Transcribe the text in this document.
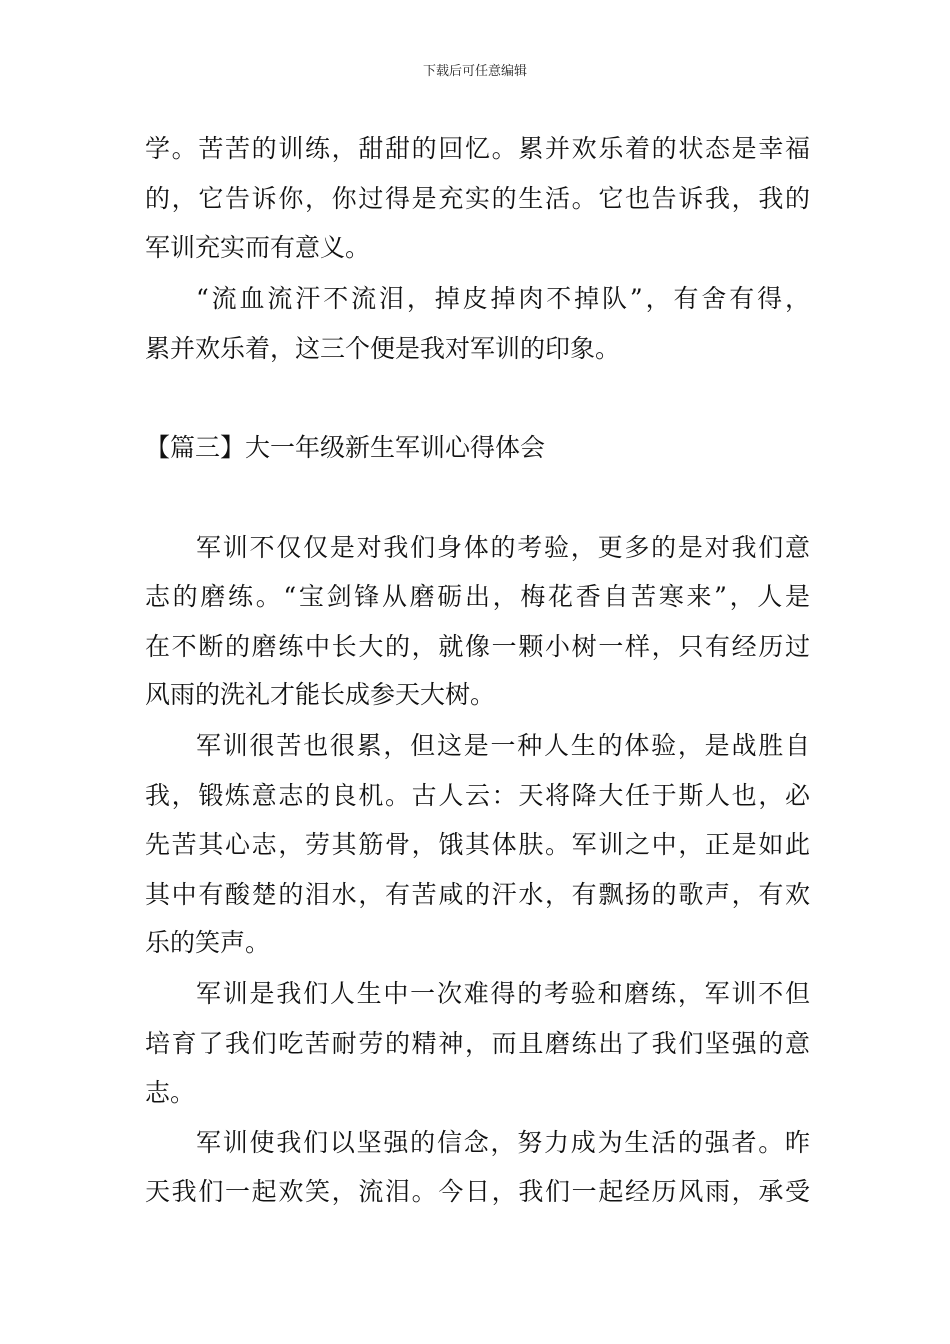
下载后可任意编辑
学。苦苦的训练，甜甜的回忆。累并欢乐着的状态是幸福
的，它告诉你，你过得是充实的生活。它也告诉我，我的
军训充实而有意义。
“流血流汗不流泪，掉皮掉肉不掉队”，有舍有得，
累并欢乐着，这三个便是我对军训的印象。
【篇三】大一年级新生军训心得体会
军训不仅仅是对我们身体的考验，更多的是对我们意
志的磨练。“宝剑锋从磨砺出，梅花香自苦寒来”，人是
在不断的磨练中长大的，就像一颗小树一样，只有经历过
风雨的洗礼才能长成参天大树。
军训很苦也很累，但这是一种人生的体验，是战胜自
我，锻炼意志的良机。古人云：天将降大任于斯人也，必
先苦其心志，劳其筋骨，饿其体肤。军训之中，正是如此
其中有酸楚的泪水，有苦咸的汗水，有飘扬的歌声，有欢
乐的笑声。
军训是我们人生中一次难得的考验和磨练，军训不但
培育了我们吃苦耐劳的精神，而且磨练出了我们坚强的意
志。
军训使我们以坚强的信念，努力成为生活的强者。昨
天我们一起欢笑，流泪。今日，我们一起经历风雨，承受
